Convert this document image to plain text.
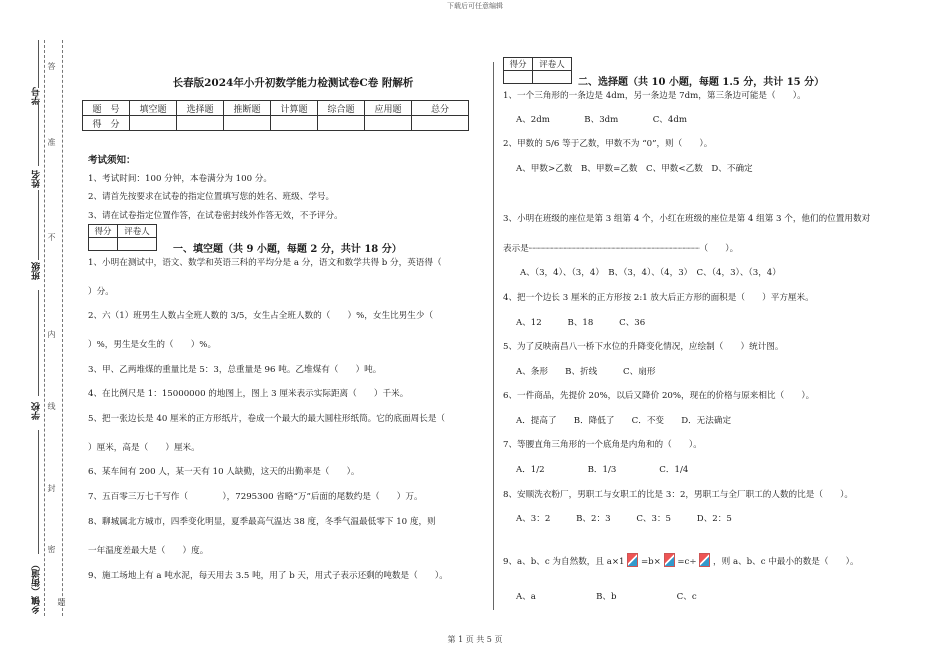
下载后可任意编辑
第 1 页 共 5 页
学号
姓名
班级
学校
乡镇（街道）
答
准
不
内
线
封
密
题
长春版2024年小升初数学能力检测试卷C卷 附解析
题　号	填空题	选择题	推断题	计算题	综合题	应用题	总分
得　分							
考试须知：
1、考试时间：100 分钟，本卷满分为 100 分。
2、请首先按要求在试卷的指定位置填写您的姓名、班级、学号。
3、请在试卷指定位置作答，在试卷密封线外作答无效，不予评分。
得分	评卷人

一、填空题（共 9 小题，每题 2 分，共计 18 分）
1、小明在测试中，语文、数学和英语三科的平均分是 a 分，语文和数学共得 b 分，英语得（
）分。
2、六（1）班男生人数占全班人数的 3/5，女生占全班人数的（　　）%，女生比男生少（
）%，男生是女生的（　　）%。
3、甲、乙两堆煤的重量比是 5：3，总重量是 96 吨。乙堆煤有（　　）吨。
4、在比例尺是 1：15000000 的地图上，图上 3 厘米表示实际距离（　　）千米。
5、把一张边长是 40 厘米的正方形纸片，卷成一个最大的最大圆柱形纸筒。它的底面周长是（
）厘米，高是（　　）厘米。
6、某车间有 200 人，某一天有 10 人缺勤，这天的出勤率是（　　）。
7、五百零三万七千写作（　　　　），7295300 省略“万”后面的尾数约是（　　）万。
8、聊城属北方城市，四季变化明显，夏季最高气温达 38 度，冬季气温最低零下 10 度，则
一年温度差最大是（　　）度。
9、施工场地上有 a 吨水泥，每天用去 3.5 吨，用了 b 天，用式子表示还剩的吨数是（　　）。
得分	评卷人

二、选择题（共 10 小题，每题 1.5 分，共计 15 分）
1、一个三角形的一条边是 4dm，另一条边是 7dm，第三条边可能是（　　）。
A、2dm　　　　B、3dm　　　　C、4dm
2、甲数的 5/6 等于乙数，甲数不为 “0”，则（　　）。
A、甲数>乙数　B、甲数=乙数　C、甲数<乙数　D、不确定
3、小明在班级的座位是第 3 组第 4 个，小红在班级的座位是第 4 组第 3 个，他们的位置用数对
表示是┈┈┈┈┈┈┈┈┈┈┈┈┈┈┈┈┈┈┈┈┈┈┈┈┈┈┈┈┈┈┈┈┈（　　）。
A、（3，4）、（3，4）　B、（3，4）、（4，3）　C、（4，3）、（3，4）
4、把一个边长 3 厘米的正方形按 2:1 放大后正方形的面积是（　　）平方厘米。
A、12　　　B、18　　　C、36
5、为了反映南昌八一桥下水位的升降变化情况，应绘制（　　）统计图。
A、条形　　B、折线　　　C、扇形
6、一件商品，先提价 20%，以后又降价 20%，现在的价格与原来相比（　　）。
A．提高了　　B．降低了　　C．不变　　D．无法确定
7、等腰直角三角形的一个底角是内角和的（　　）。
A．1/2　　　　　B．1/3　　　　　C．1/4
8、安顺洗衣粉厂，男职工与女职工的比是 3：2，男职工与全厂职工的人数的比是（　　）。
A、3：2　　　B、2：3　　　C、3：5　　　D、2：5
9、a、b、c 为自然数，且 a×1 =b× =c÷ ，则 a、b、c 中最小的数是（　　）。
A、a　　　　　　　B、b　　　　　　　C、c
